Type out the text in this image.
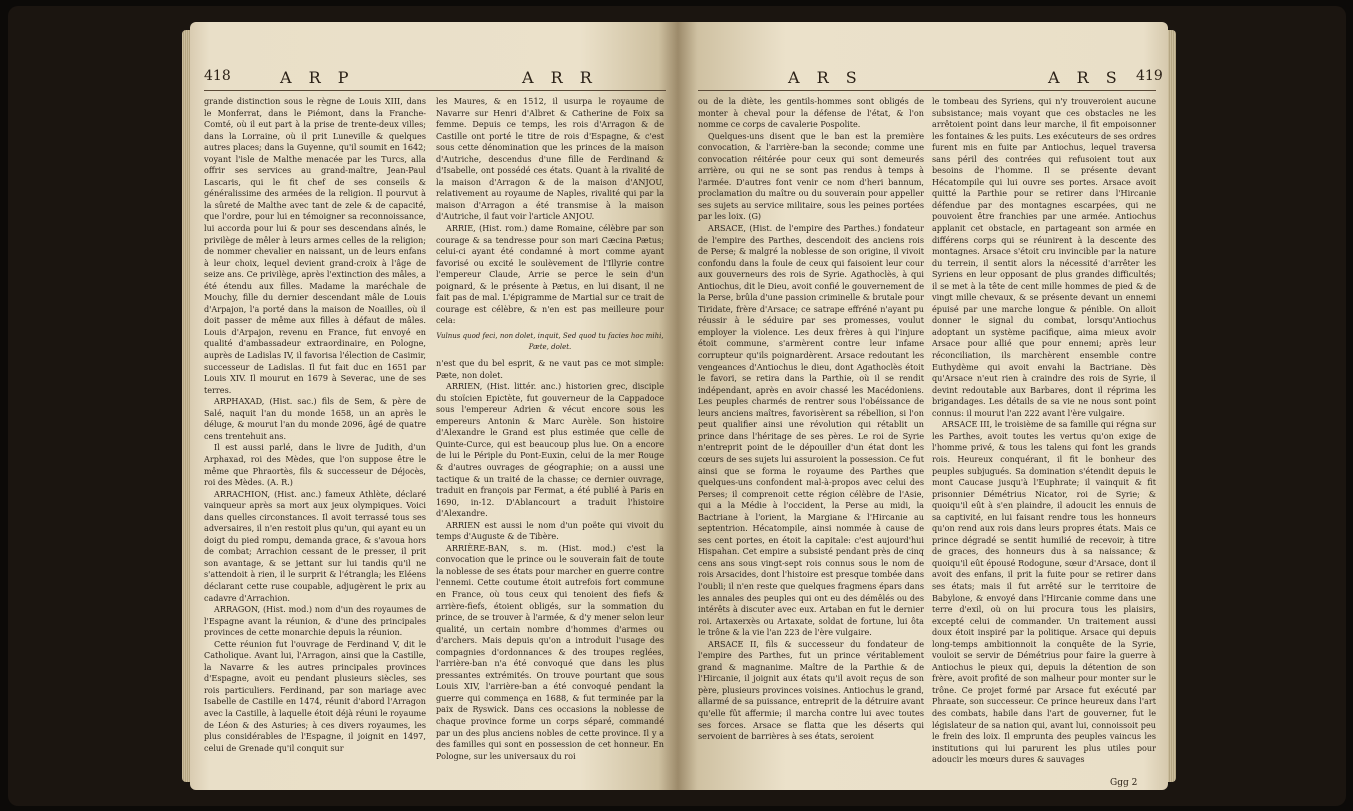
418	A R P	A R R

grande distinction sous le règne de Louis XIII, dans le Monferrat, dans le Piémont, dans la Franche-Comté, où il eut part à la prise de trente-deux villes; dans la Lorraine, où il prit Luneville & quelques autres places; dans la Guyenne, qu'il soumit en 1642; voyant l'isle de Malthe menacée par les Turcs, alla offrir ses services au grand-maître, Jean-Paul Lascaris, qui le fit chef de ses conseils & généralissime des armées de la religion. Il pourvut à la sûreté de Malthe avec tant de zele & de capacité, que l'ordre, pour lui en témoigner sa reconnoissance, lui accorda pour lui & pour ses descendans aînés, le privilège de mêler à leurs armes celles de la religion; de nommer chevalier en naissant, un de leurs enfans à leur choix, lequel devient grand-croix à l'âge de seize ans. Ce privilège, après l'extinction des mâles, a été étendu aux filles. Madame la maréchale de Mouchy, fille du dernier descendant mâle de Louis d'Arpajon, l'a porté dans la maison de Noailles, où il doit passer de même aux filles à défaut de mâles. Louis d'Arpajon, revenu en France, fut envoyé en qualité d'ambassadeur extraordinaire, en Pologne, auprès de Ladislas IV, il favorisa l'élection de Casimir, successeur de Ladislas. Il fut fait duc en 1651 par Louis XIV. Il mourut en 1679 à Severac, une de ses terres.

ARPHAXAD, (Hist. sac.) fils de Sem, & père de Salé, naquit l'an du monde 1658, un an après le déluge, & mourut l'an du monde 2096, âgé de quatre cens trentehuit ans.

Il est aussi parlé, dans le livre de Judith, d'un Arphaxad, roi des Mèdes, que l'on suppose être le même que Phraortès, fils & successeur de Déjocès, roi des Mèdes. (A. R.)

ARRACHION, (Hist. anc.) fameux Athlète, déclaré vainqueur après sa mort aux jeux olympiques. Voici dans quelles circonstances. Il avoit terrassé tous ses adversaires, il n'en restoit plus qu'un, qui ayant eu un doigt du pied rompu, demanda grace, & s'avoua hors de combat; Arrachion cessant de le presser, il prit son avantage, & se jettant sur lui tandis qu'il ne s'attendoit à rien, il le surprit & l'étrangla; les Eléens déclarant cette ruse coupable, adjugèrent le prix au cadavre d'Arrachion.

ARRAGON, (Hist. mod.) nom d'un des royaumes de l'Espagne avant la réunion, & d'une des principales provinces de cette monarchie depuis la réunion.

Cette réunion fut l'ouvrage de Ferdinand V, dit le Catholique. Avant lui, l'Arragon, ainsi que la Castille, la Navarre & les autres principales provinces d'Espagne, avoit eu pendant plusieurs siècles, ses rois particuliers. Ferdinand, par son mariage avec Isabelle de Castille en 1474, réunit d'abord l'Arragon avec la Castille, à laquelle étoit déjà réuni le royaume de Léon & des Asturies; à ces divers royaumes, les plus considérables de l'Espagne, il joignit en 1497, celui de Grenade qu'il conquit sur

les Maures, & en 1512, il usurpa le royaume de Navarre sur Henri d'Albret & Catherine de Foix sa femme. Depuis ce temps, les rois d'Arragon & de Castille ont porté le titre de rois d'Espagne, & c'est sous cette dénomination que les princes de la maison d'Autriche, descendus d'une fille de Ferdinand & d'Isabelle, ont possédé ces états. Quant à la rivalité de la maison d'Arragon & de la maison d'ANJOU, relativement au royaume de Naples, rivalité qui par la maison d'Arragon a été transmise à la maison d'Autriche, il faut voir l'article ANJOU.

ARRIE, (Hist. rom.) dame Romaine, célèbre par son courage & sa tendresse pour son mari Cæcina Pætus; celui-ci ayant été condamné à mort comme ayant favorisé ou excité le soulèvement de l'Illyrie contre l'empereur Claude, Arrie se perce le sein d'un poignard, & le présente à Pætus, en lui disant, il ne fait pas de mal. L'épigramme de Martial sur ce trait de courage est célèbre, & n'en est pas meilleure pour cela:

Vulnus quod feci, non dolet, inquit, Sed quod tu facies hoc mihi, Pæte, dolet.

n'est que du bel esprit, & ne vaut pas ce mot simple: Pæte, non dolet.

ARRIEN, (Hist. littér. anc.) historien grec, disciple du stoïcien Epictète, fut gouverneur de la Cappadoce sous l'empereur Adrien & vécut encore sous les empereurs Antonin & Marc Aurèle. Son histoire d'Alexandre le Grand est plus estimée que celle de Quinte-Curce, qui est beaucoup plus lue. On a encore de lui le Périple du Pont-Euxin, celui de la mer Rouge & d'autres ouvrages de géographie; on a aussi une tactique & un traité de la chasse; ce dernier ouvrage, traduit en françois par Fermat, a été publié à Paris en 1690, in-12. D'Ablancourt a traduit l'histoire d'Alexandre.

ARRIEN est aussi le nom d'un poëte qui vivoit du temps d'Auguste & de Tibère.

ARRIÈRE-BAN, s. m. (Hist. mod.) c'est la convocation que le prince ou le souverain fait de toute la noblesse de ses états pour marcher en guerre contre l'ennemi. Cette coutume étoit autrefois fort commune en France, où tous ceux qui tenoient des fiefs & arrière-fiefs, étoient obligés, sur la sommation du prince, de se trouver à l'armée, & d'y mener selon leur qualité, un certain nombre d'hommes d'armes ou d'archers. Mais depuis qu'on a introduit l'usage des compagnies d'ordonnances & des troupes reglées, l'arrière-ban n'a été convoqué que dans les plus pressantes extrémités. On trouve pourtant que sous Louis XIV, l'arrière-ban a été convoqué pendant la guerre qui commença en 1688, & fut terminée par la paix de Ryswick. Dans ces occasions la noblesse de chaque province forme un corps séparé, commandé par un des plus anciens nobles de cette province. Il y a des familles qui sont en possession de cet honneur. En Pologne, sur les universaux du roi

A R S	A R S 419

ou de la diète, les gentils-hommes sont obligés de monter à cheval pour la défense de l'état, & l'on nomme ce corps de cavalerie Pospolite.

Quelques-uns disent que le ban est la première convocation, & l'arrière-ban la seconde; comme une convocation réitérée pour ceux qui sont demeurés arrière, ou qui ne se sont pas rendus à temps à l'armée. D'autres font venir ce nom d'heri bannum, proclamation du maître ou du souverain pour appeller ses sujets au service militaire, sous les peines portées par les loix. (G)

ARSACE, (Hist. de l'empire des Parthes.) fondateur de l'empire des Parthes, descendoit des anciens rois de Perse; & malgré la noblesse de son origine, il vivoit confondu dans la foule de ceux qui faisoient leur cour aux gouverneurs des rois de Syrie. Agathoclès, à qui Antiochus, dit le Dieu, avoit confié le gouvernement de la Perse, brûla d'une passion criminelle & brutale pour Tiridate, frère d'Arsace; ce satrape effréné n'ayant pu réussir à le séduire par ses promesses, voulut employer la violence. Les deux frères à qui l'injure étoit commune, s'armèrent contre leur infame corrupteur qu'ils poignardèrent. Arsace redoutant les vengeances d'Antiochus le dieu, dont Agathoclès étoit le favori, se retira dans la Parthie, où il se rendit indépendant, après en avoir chassé les Macédoniens. Les peuples charmés de rentrer sous l'obéissance de leurs anciens maîtres, favorisèrent sa rébellion, si l'on peut qualifier ainsi une révolution qui rétablit un prince dans l'héritage de ses pères. Le roi de Syrie n'entreprit point de le dépouiller d'un état dont les cœurs de ses sujets lui assuroient la possession. Ce fut ainsi que se forma le royaume des Parthes que quelques-uns confondent mal-à-propos avec celui des Perses; il comprenoit cette région célèbre de l'Asie, qui a la Médie à l'occident, la Perse au midi, la Bactriane à l'orient, la Margiane & l'Hircanie au septentrion. Hécatompile, ainsi nommée à cause de ses cent portes, en étoit la capitale: c'est aujourd'hui Hispahan. Cet empire a subsisté pendant près de cinq cens ans sous vingt-sept rois connus sous le nom de rois Arsacides, dont l'histoire est presque tombée dans l'oubli; il n'en reste que quelques fragmens épars dans les annales des peuples qui ont eu des démêlés ou des intérêts à discuter avec eux. Artaban en fut le dernier roi. Artaxerxès ou Artaxate, soldat de fortune, lui ôta le trône & la vie l'an 223 de l'ère vulgaire.

ARSACE II, fils & successeur du fondateur de l'empire des Parthes, fut un prince véritablement grand & magnanime. Maître de la Parthie & de l'Hircanie, il joignit aux états qu'il avoit reçus de son père, plusieurs provinces voisines. Antiochus le grand, allarmé de sa puissance, entreprit de la détruire avant qu'elle fût affermie; il marcha contre lui avec toutes ses forces. Arsace se flatta que les déserts qui servoient de barrières à ses états, seroient

le tombeau des Syriens, qui n'y trouveroient aucune subsistance; mais voyant que ces obstacles ne les arrêtoient point dans leur marche, il fit empoisonner les fontaines & les puits. Les exécuteurs de ses ordres furent mis en fuite par Antiochus, lequel traversa sans péril des contrées qui refusoient tout aux besoins de l'homme. Il se présente devant Hécatompile qui lui ouvre ses portes. Arsace avoit quitté la Parthie pour se retirer dans l'Hircanie défendue par des montagnes escarpées, qui ne pouvoient être franchies par une armée. Antiochus applanit cet obstacle, en partageant son armée en différens corps qui se réunirent à la descente des montagnes. Arsace s'étoit cru invincible par la nature du terrein, il sentit alors la nécessité d'arrêter les Syriens en leur opposant de plus grandes difficultés; il se met à la tête de cent mille hommes de pied & de vingt mille chevaux, & se présente devant un ennemi épuisé par une marche longue & pénible. On alloit donner le signal du combat, lorsqu'Antiochus adoptant un système pacifique, aima mieux avoir Arsace pour allié que pour ennemi; après leur réconciliation, ils marchèrent ensemble contre Euthydème qui avoit envahi la Bactriane. Dès qu'Arsace n'eut rien à craindre des rois de Syrie, il devint redoutable aux Barbares, dont il réprima les brigandages. Les détails de sa vie ne nous sont point connus: il mourut l'an 222 avant l'ère vulgaire.

ARSACE III, le troisième de sa famille qui régna sur les Parthes, avoit toutes les vertus qu'on exige de l'homme privé, & tous les talens qui font les grands rois. Heureux conquérant, il fit le bonheur des peuples subjugués. Sa domination s'étendit depuis le mont Caucase jusqu'à l'Euphrate; il vainquit & fit prisonnier Démétrius Nicator, roi de Syrie; & quoiqu'il eût à s'en plaindre, il adoucit les ennuis de sa captivité, en lui faisant rendre tous les honneurs qu'on rend aux rois dans leurs propres états. Mais ce prince dégradé se sentit humilié de recevoir, à titre de graces, des honneurs dus à sa naissance; & quoiqu'il eût épousé Rodogune, sœur d'Arsace, dont il avoit des enfans, il prit la fuite pour se retirer dans ses états; mais il fut arrêté sur le territoire de Babylone, & envoyé dans l'Hircanie comme dans une terre d'exil, où on lui procura tous les plaisirs, excepté celui de commander. Un traitement aussi doux étoit inspiré par la politique. Arsace qui depuis long-temps ambitionnoit la conquête de la Syrie, vouloit se servir de Démétrius pour faire la guerre à Antiochus le pieux qui, depuis la détention de son frère, avoit profité de son malheur pour monter sur le trône. Ce projet formé par Arsace fut exécuté par Phraate, son successeur. Ce prince heureux dans l'art des combats, habile dans l'art de gouverner, fut le législateur de sa nation qui, avant lui, connoissoit peu le frein des loix. Il emprunta des peuples vaincus les institutions qui lui parurent les plus utiles pour adoucir les mœurs dures & sauvages

Ggg 2
